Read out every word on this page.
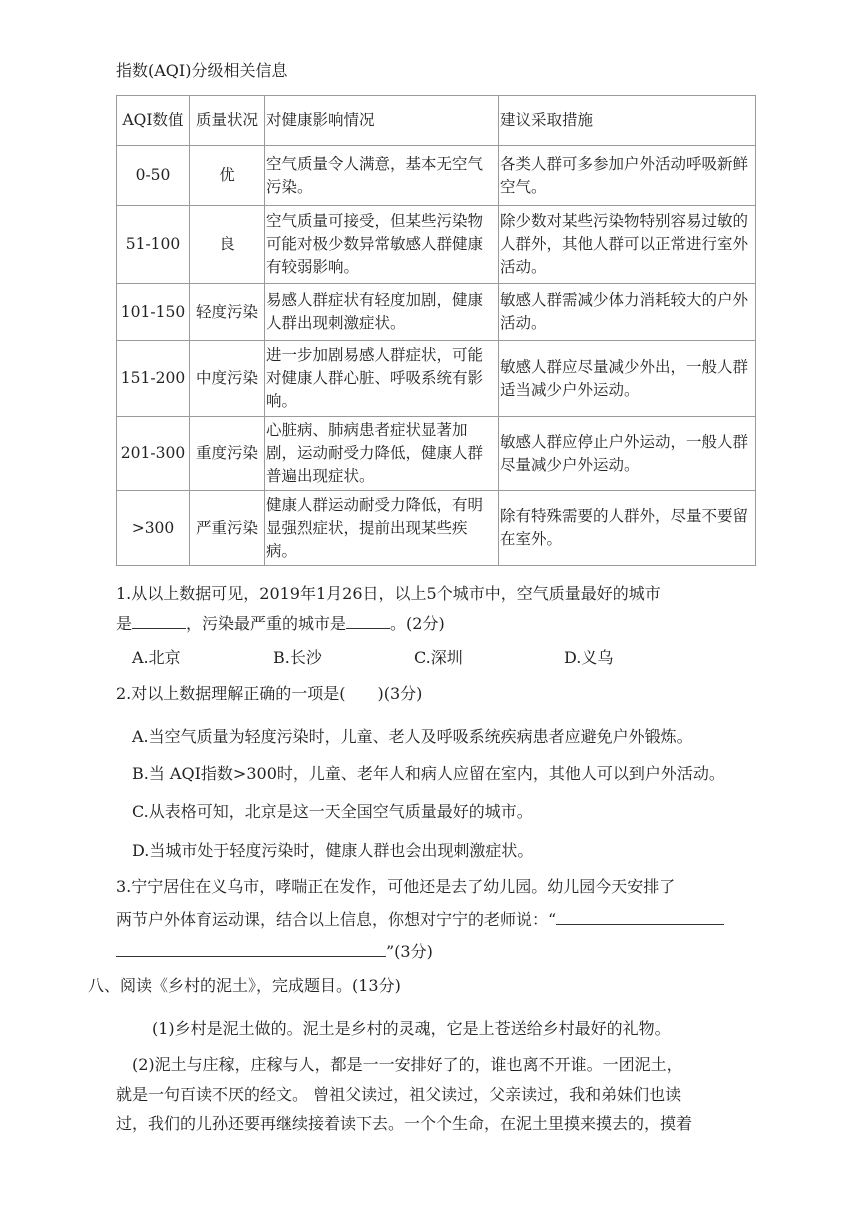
指数(AQI)分级相关信息
AQI数值	质量状况	对健康影响情况	建议采取措施
0-50	优	空气质量令人满意，基本无空气污染。	各类人群可多参加户外活动呼吸新鲜空气。
51-100	良	空气质量可接受，但某些污染物可能对极少数异常敏感人群健康有较弱影响。	除少数对某些污染物特别容易过敏的人群外，其他人群可以正常进行室外活动。
101-150	轻度污染	易感人群症状有轻度加剧，健康人群出现刺激症状。	敏感人群需减少体力消耗较大的户外活动。
151-200	中度污染	进一步加剧易感人群症状，可能对健康人群心脏、呼吸系统有影响。	敏感人群应尽量减少外出，一般人群适当减少户外运动。
201-300	重度污染	心脏病、肺病患者症状显著加剧，运动耐受力降低，健康人群普遍出现症状。	敏感人群应停止户外运动，一般人群尽量减少户外运动。
>300	严重污染	健康人群运动耐受力降低，有明显强烈症状，提前出现某些疾病。	除有特殊需要的人群外，尽量不要留在室外。
1.从以上数据可见，2019年1月26日，以上5个城市中，空气质量最好的城市
是	，污染最严重的城市是	。(2分)
A.北京	B.长沙	C.深圳	D.义乌
2.对以上数据理解正确的一项是(　　)(3分)
A.当空气质量为轻度污染时，儿童、老人及呼吸系统疾病患者应避免户外锻炼。
B.当 AQI指数>300时，儿童、老年人和病人应留在室内，其他人可以到户外活动。
C.从表格可知，北京是这一天全国空气质量最好的城市。
D.当城市处于轻度污染时，健康人群也会出现刺激症状。
3.宁宁居住在义乌市，哮喘正在发作，可他还是去了幼儿园。幼儿园今天安排了
两节户外体育运动课，结合以上信息，你想对宁宁的老师说：“
”(3分)
八、阅读《乡村的泥土》，完成题目。(13分)
(1)乡村是泥土做的。泥土是乡村的灵魂，它是上苍送给乡村最好的礼物。
(2)泥土与庄稼，庄稼与人，都是一一安排好了的，谁也离不开谁。一团泥土，
就是一句百读不厌的经文。 曾祖父读过，祖父读过，父亲读过，我和弟妹们也读
过，我们的儿孙还要再继续接着读下去。一个个生命，在泥土里摸来摸去的，摸着
